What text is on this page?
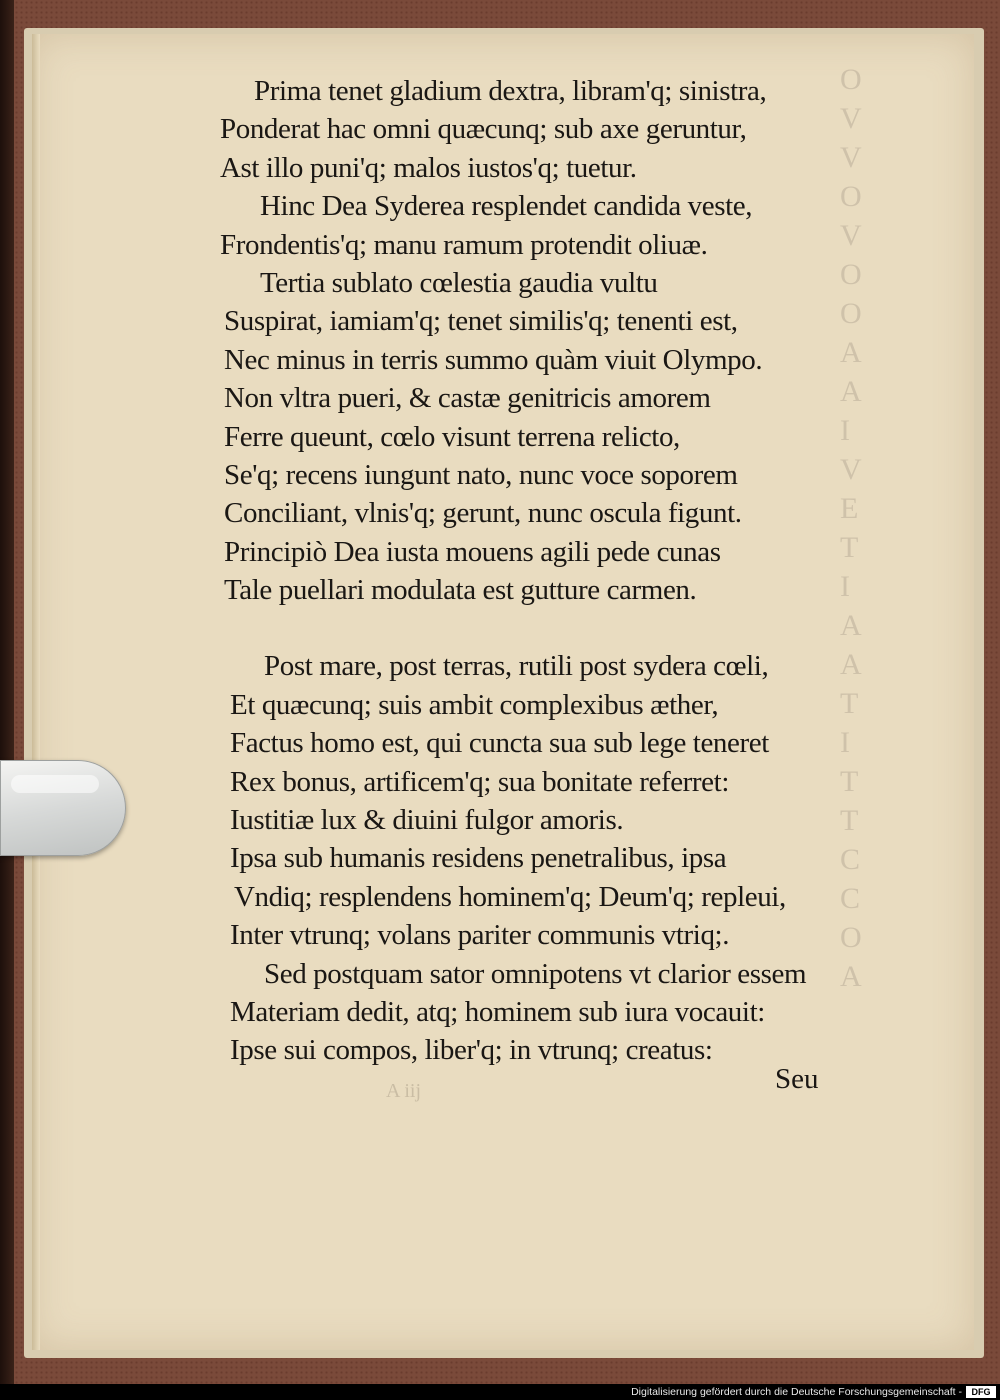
O
V
V
O
V
O
O
A
A
I
V
E
T
I
A
A
T
I
T
T
C
C
O
A
Prima tenet gladium dextra, libram'q; sinistra,
Ponderat hac omni quæcunq; sub axe geruntur,
Ast illo puni'q; malos iustos'q; tuetur.
Hinc Dea Syderea resplendet candida veste,
Frondentis'q; manu ramum protendit oliuæ.
Tertia sublato cœlestia gaudia vultu
Suspirat, iamiam'q; tenet similis'q; tenenti est,
Nec minus in terris summo quàm viuit Olympo.
Non vltra pueri, & castæ genitricis amorem
Ferre queunt, cœlo visunt terrena relicto,
Se'q; recens iungunt nato, nunc voce soporem
Conciliant, vlnis'q; gerunt, nunc oscula figunt.
Principiò Dea iusta mouens agili pede cunas
Tale puellari modulata est gutture carmen.
Post mare, post terras, rutili post sydera cœli,
Et quæcunq; suis ambit complexibus æther,
Factus homo est, qui cuncta sua sub lege teneret
Rex bonus, artificem'q; sua bonitate referret:
Iustitiæ lux & diuini fulgor amoris.
Ipsa sub humanis residens penetralibus, ipsa
Vndiq; resplendens hominem'q; Deum'q; repleui,
Inter vtrunq; volans pariter communis vtriq;.
Sed postquam sator omnipotens vt clarior essem
Materiam dedit, atq; hominem sub iura vocauit:
Ipse sui compos, liber'q; in vtrunq; creatus:
Seu
A iij
Digitalisierung gefördert durch die Deutsche Forschungsgemeinschaft -	DFG
